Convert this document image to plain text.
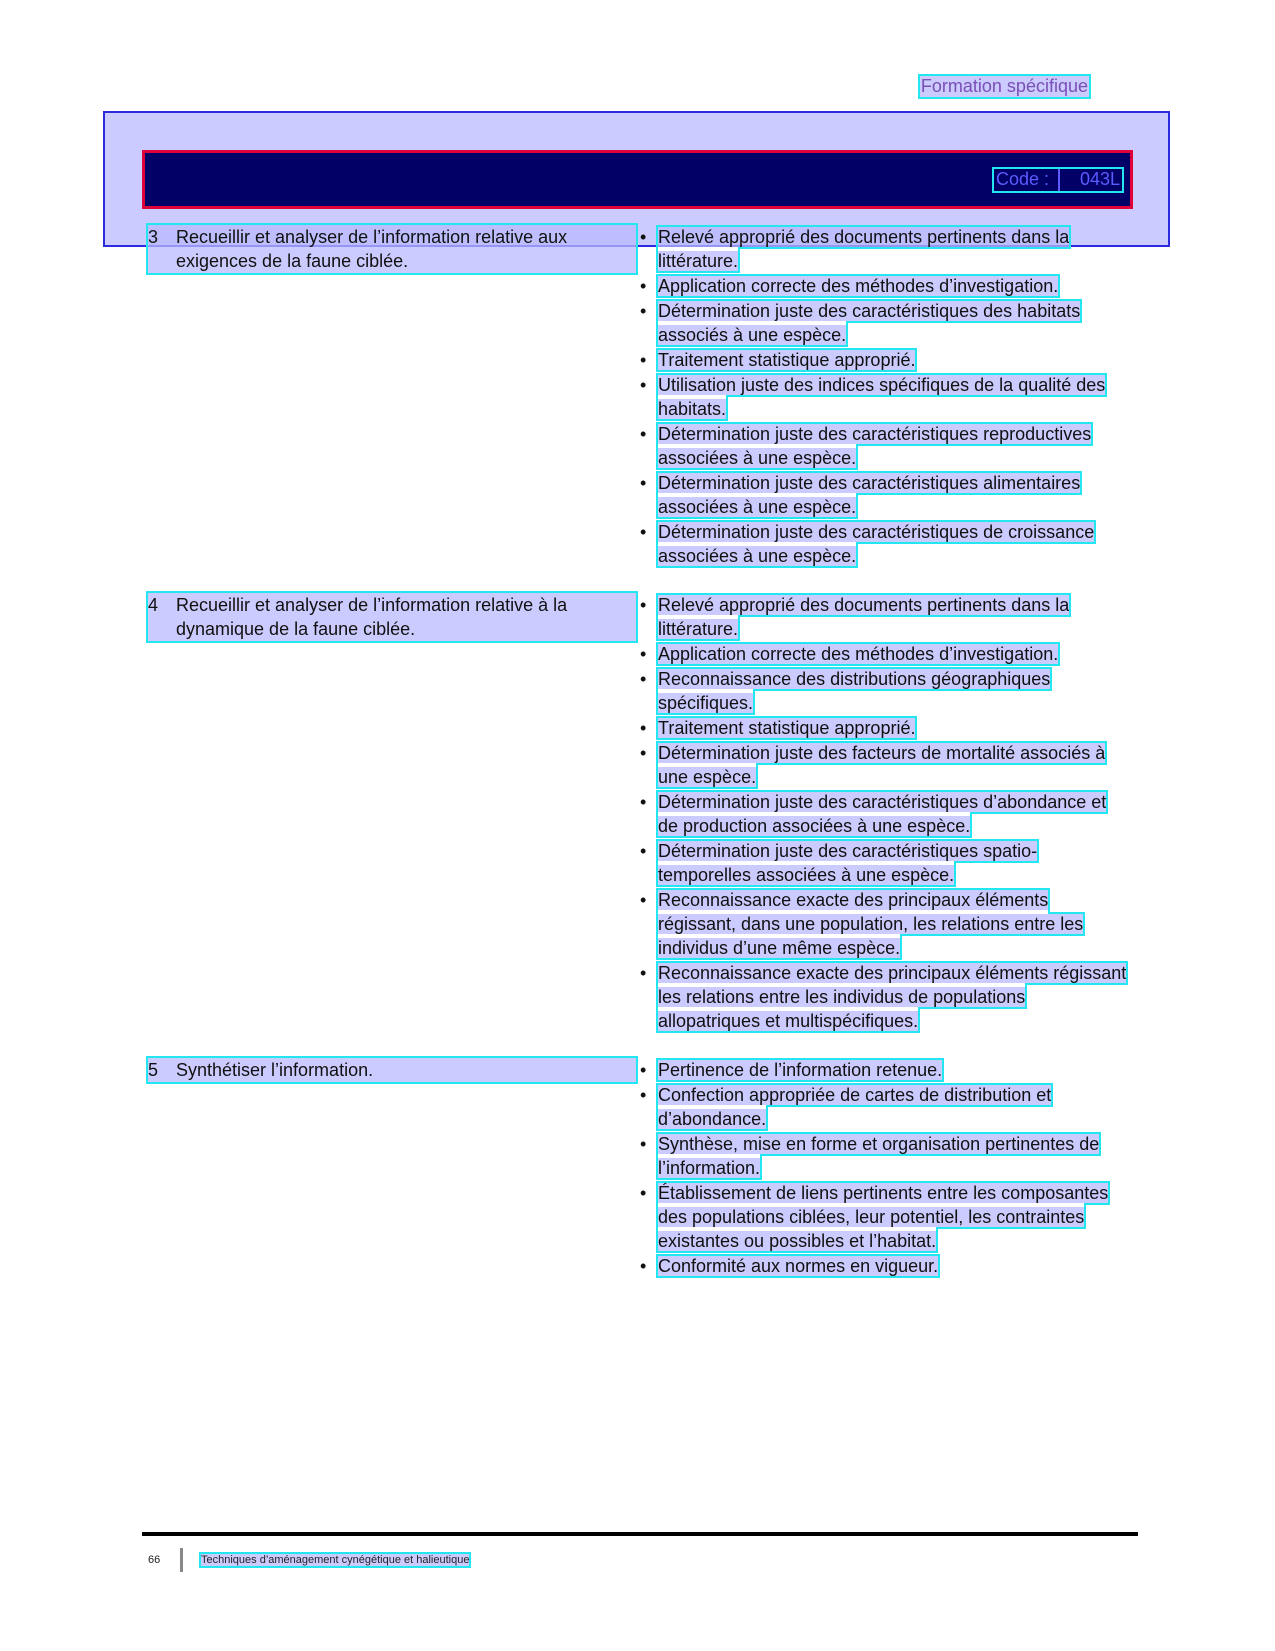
Formation spécifique
Code :	043L
3 Recueillir et analyser de l’information relative aux exigences de la faune ciblée.
• Relevé approprié des documents pertinents dans la littérature.
• Application correcte des méthodes d’investigation.
• Détermination juste des caractéristiques des habitats associés à une espèce.
• Traitement statistique approprié.
• Utilisation juste des indices spécifiques de la qualité des habitats.
• Détermination juste des caractéristiques reproductives associées à une espèce.
• Détermination juste des caractéristiques alimentaires associées à une espèce.
• Détermination juste des caractéristiques de croissance associées à une espèce.
4 Recueillir et analyser de l’information relative à la dynamique de la faune ciblée.
• Relevé approprié des documents pertinents dans la littérature.
• Application correcte des méthodes d’investigation.
• Reconnaissance des distributions géographiques spécifiques.
• Traitement statistique approprié.
• Détermination juste des facteurs de mortalité associés à une espèce.
• Détermination juste des caractéristiques d’abondance et de production associées à une espèce.
• Détermination juste des caractéristiques spatio-temporelles associées à une espèce.
• Reconnaissance exacte des principaux éléments régissant, dans une population, les relations entre les individus d’une même espèce.
• Reconnaissance exacte des principaux éléments régissant les relations entre les individus de populations allopatriques et multispécifiques.
5 Synthétiser l’information.
•	Pertinence de l’information retenue.
• Confection appropriée de cartes de distribution et d’abondance.
• Synthèse, mise en forme et organisation pertinentes de l’information.
• Établissement de liens pertinents entre les composantes des populations ciblées, leur potentiel, les contraintes existantes ou possibles et l’habitat.
• Conformité aux normes en vigueur.
66	Techniques d’aménagement cynégétique et halieutique
